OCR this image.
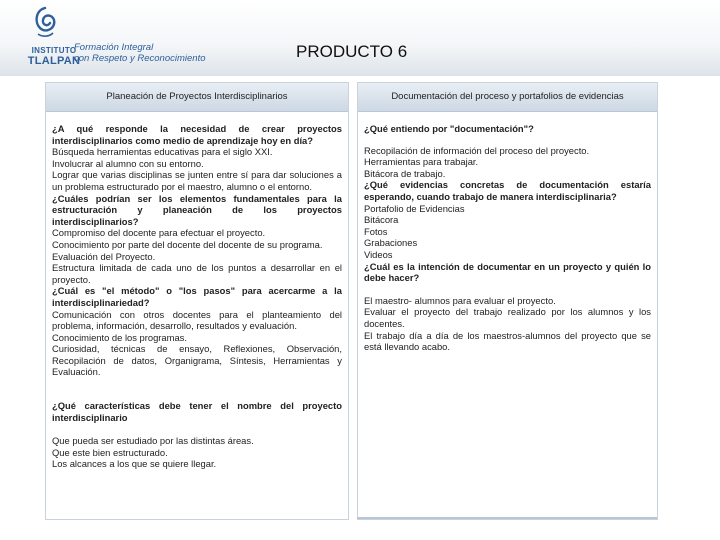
INSTITUTO
TLALPAN
Formación Integral
con Respeto y Reconocimiento	PRODUCTO 6
Planeación de Proyectos Interdisciplinarios

¿A qué responde la necesidad de crear proyectos interdisciplinarios como medio de aprendizaje hoy en día?

Búsqueda herramientas educativas para el siglo XXI.

Involucrar al alumno con su entorno.

Lograr que varias disciplinas se junten entre sí para dar soluciones a un problema estructurado por el maestro, alumno o el entorno.

¿Cuáles podrían ser los elementos fundamentales para la estructuración y planeación de los proyectos interdisciplinarios?

Compromiso del docente para efectuar el proyecto.

Conocimiento por parte del docente del docente de su programa.

Evaluación del Proyecto.

Estructura limitada de cada uno de los puntos a desarrollar en el proyecto.

¿Cuál es "el método" o "los pasos" para acercarme a la interdisciplinariedad?

Comunicación con otros docentes para el planteamiento del problema, información, desarrollo, resultados y evaluación.

Conocimiento de los programas.

Curiosidad, técnicas de ensayo, Reflexiones, Observación, Recopilación de datos, Organigrama, Síntesis, Herramientas y Evaluación.

¿Qué características debe tener el nombre del proyecto interdisciplinario

Que pueda ser estudiado por las distintas áreas.

Que este bien estructurado.

Los alcances a los que se quiere llegar.

Documentación del proceso y portafolios de evidencias

¿Qué entiendo por "documentación"?

Recopilación de información del proceso del proyecto.

Herramientas para trabajar.

Bitácora de trabajo.

¿Qué evidencias concretas de documentación estaría esperando, cuando trabajo de manera interdisciplinaria?

Portafolio de Evidencias

Bitácora

Fotos

Grabaciones

Videos

¿Cuál es la intención de documentar en un proyecto y quién lo debe hacer?

El maestro- alumnos para evaluar el proyecto.

Evaluar el proyecto del trabajo realizado por los alumnos y los docentes.

El trabajo día a día de los maestros-alumnos del proyecto que se está llevando acabo.
